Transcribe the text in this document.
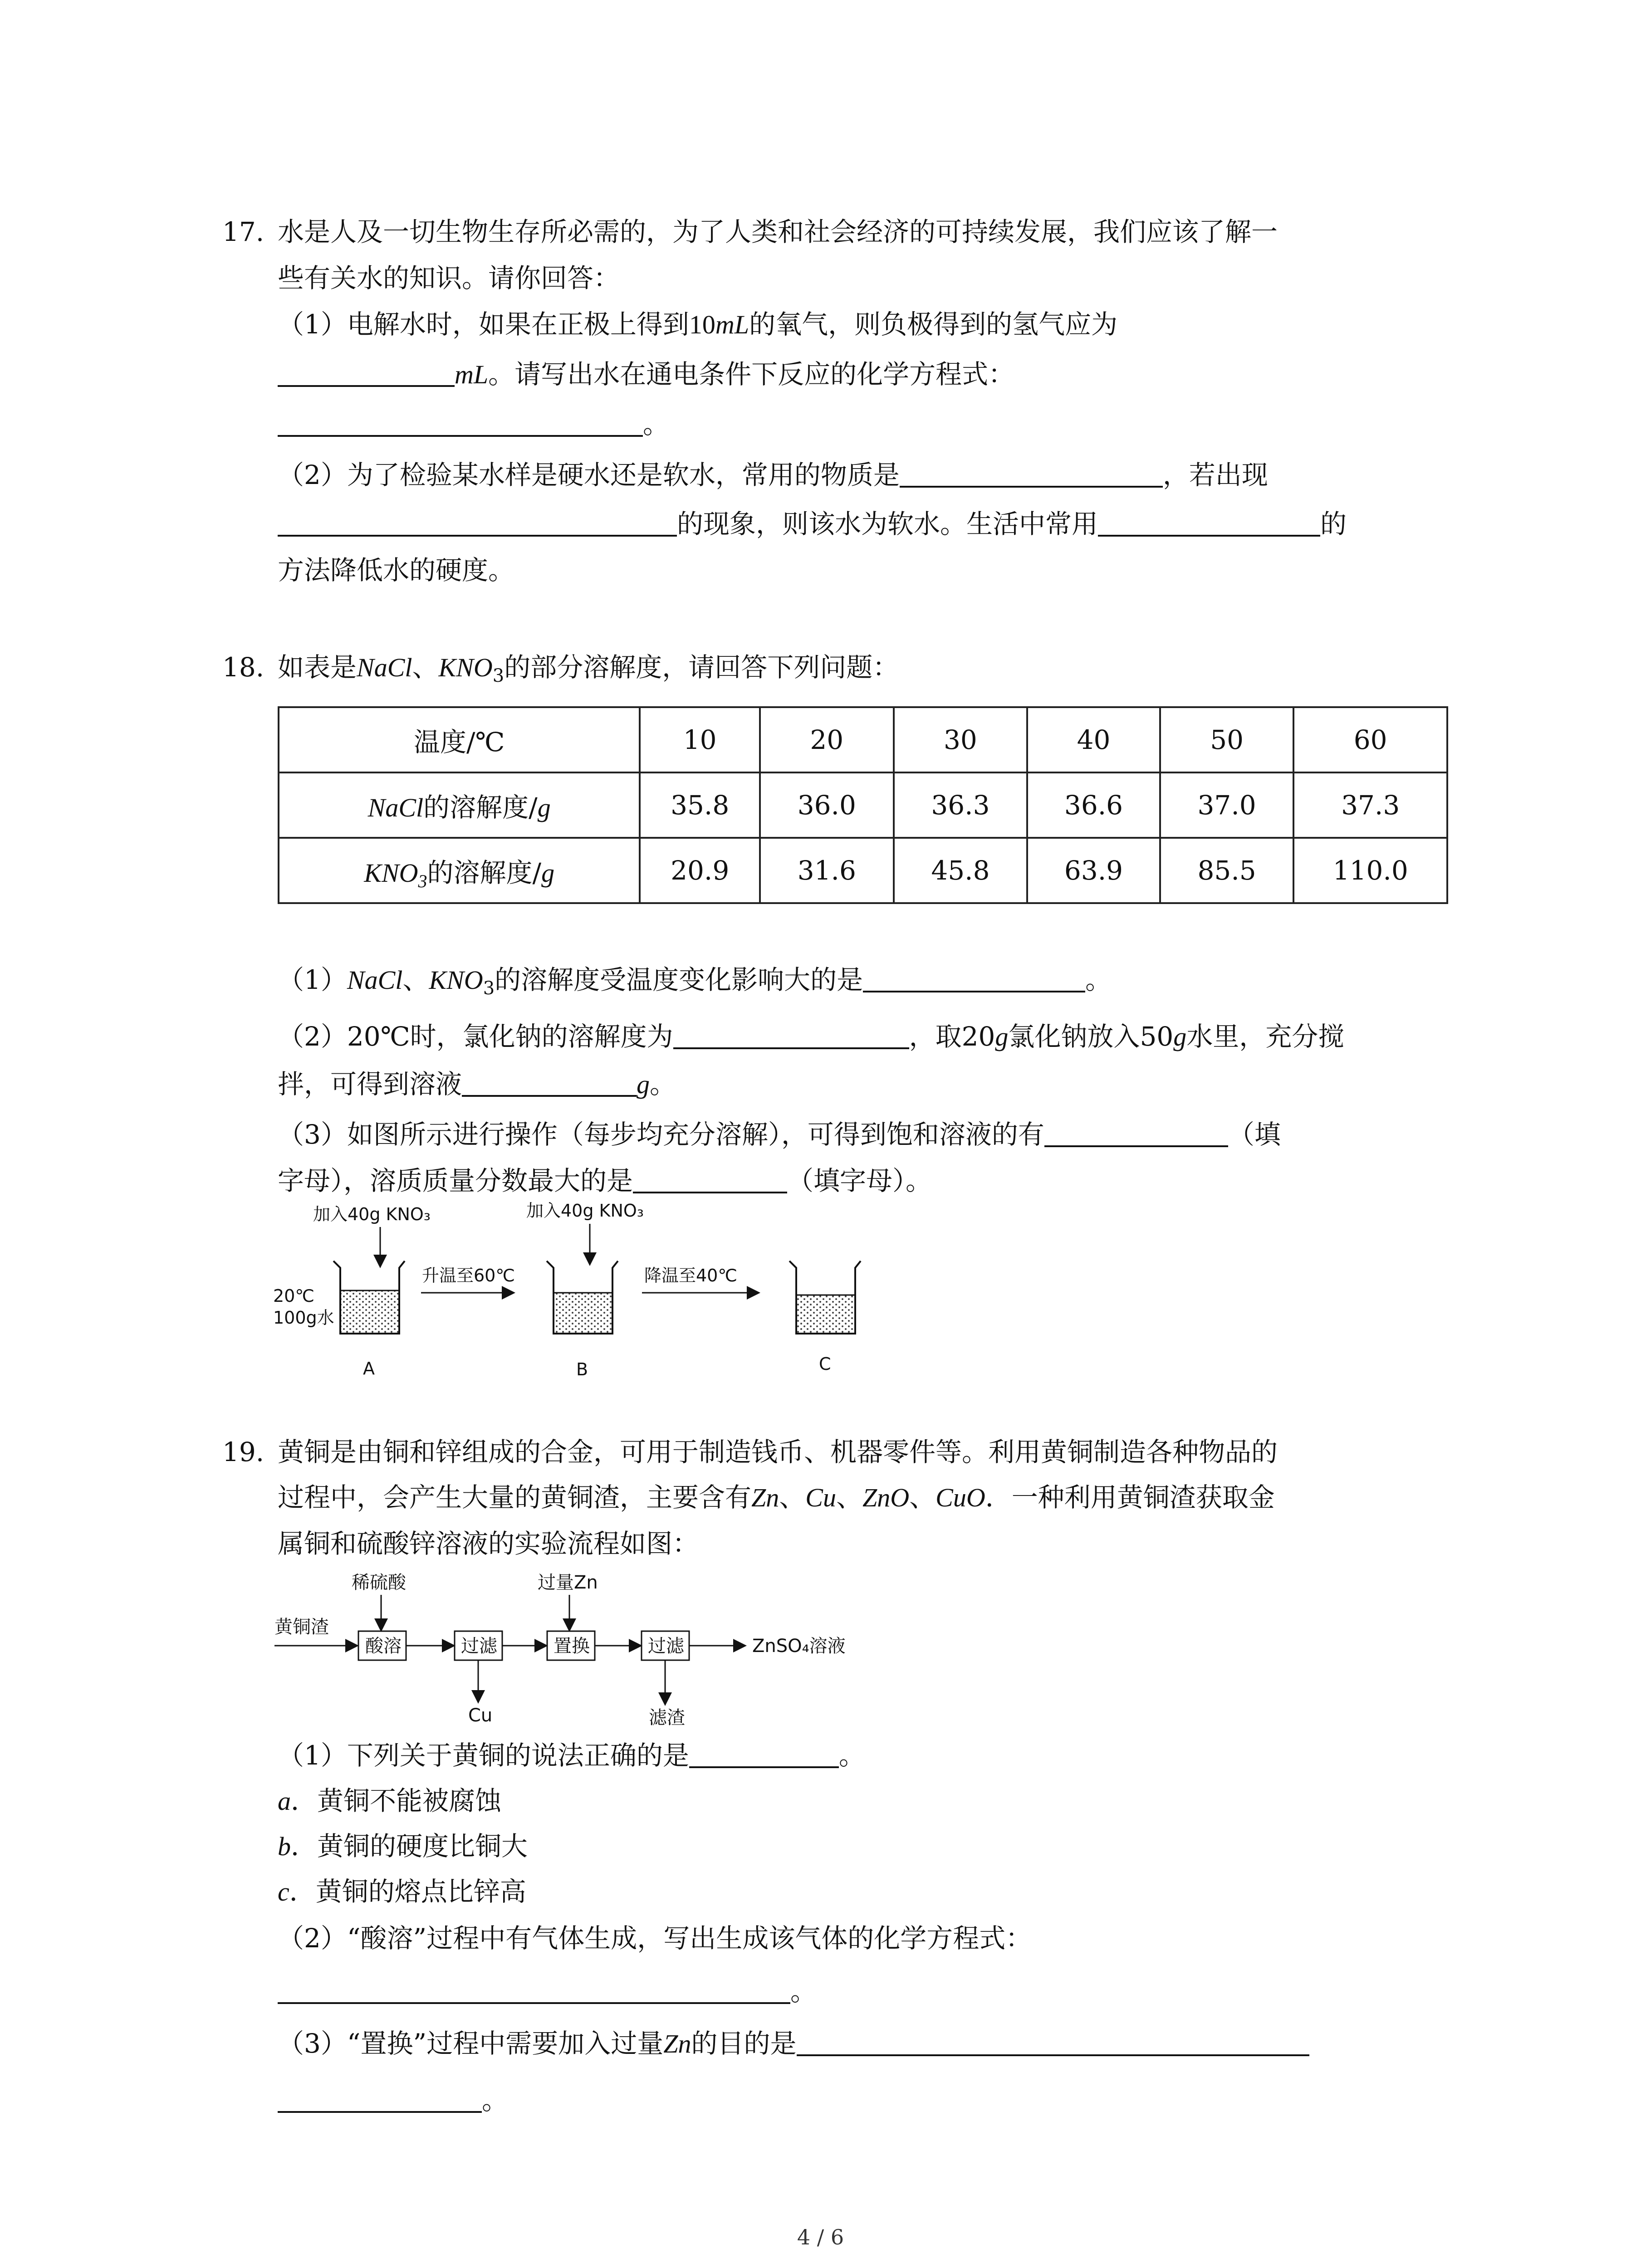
17. 水是人及一切生物生存所必需的，为了人类和社会经济的可持续发展，我们应该了解一
些有关水的知识。请你回答：
（1）电解水时，如果在正极上得到10mL的氧气，则负极得到的氢气应为
mL。请写出水在通电条件下反应的化学方程式：
。
（2）为了检验某水样是硬水还是软水，常用的物质是	，若出现
的现象，则该水为软水。生活中常用	的
方法降低水的硬度。
18. 如表是NaCl、$KNO_3$的部分溶解度，请回答下列问题：
温度/℃	10	20	30	40	50	60
NaCl的溶解度/g	35.8	36.0	36.3	36.6	37.0	37.3
$KNO_3$的溶解度/g	20.9	31.6	45.8	63.9	85.5	110.0
（1）NaCl、$KNO_3$的溶解度受温度变化影响大的是	。
（2）20℃时，氯化钠的溶解度为	，取20g氯化钠放入50g水里，充分搅
拌，可得到溶液	g。
（3）如图所示进行操作（每步均充分溶解），可得到饱和溶液的有	（填
字母），溶质质量分数最大的是	（填字母）。
加入40g KNO₃	加入40g KNO₃
20℃
100g水
升温至60℃	降温至40℃
A	B	C
19. 黄铜是由铜和锌组成的合金，可用于制造钱币、机器零件等。利用黄铜制造各种物品的
过程中，会产生大量的黄铜渣，主要含有Zn、Cu、ZnO、CuO．一种利用黄铜渣获取金
属铜和硫酸锌溶液的实验流程如图：
稀硫酸	过量Zn
黄铜渣
酸溶	过滤
Cu
置换	过滤	ZnSO₄溶液
滤渣
（1）下列关于黄铜的说法正确的是	。
a．黄铜不能被腐蚀
b．黄铜的硬度比铜大
c．黄铜的熔点比锌高
（2）“酸溶”过程中有气体生成，写出生成该气体的化学方程式：
。
（3）“置换”过程中需要加入过量Zn的目的是
。
4 / 6
